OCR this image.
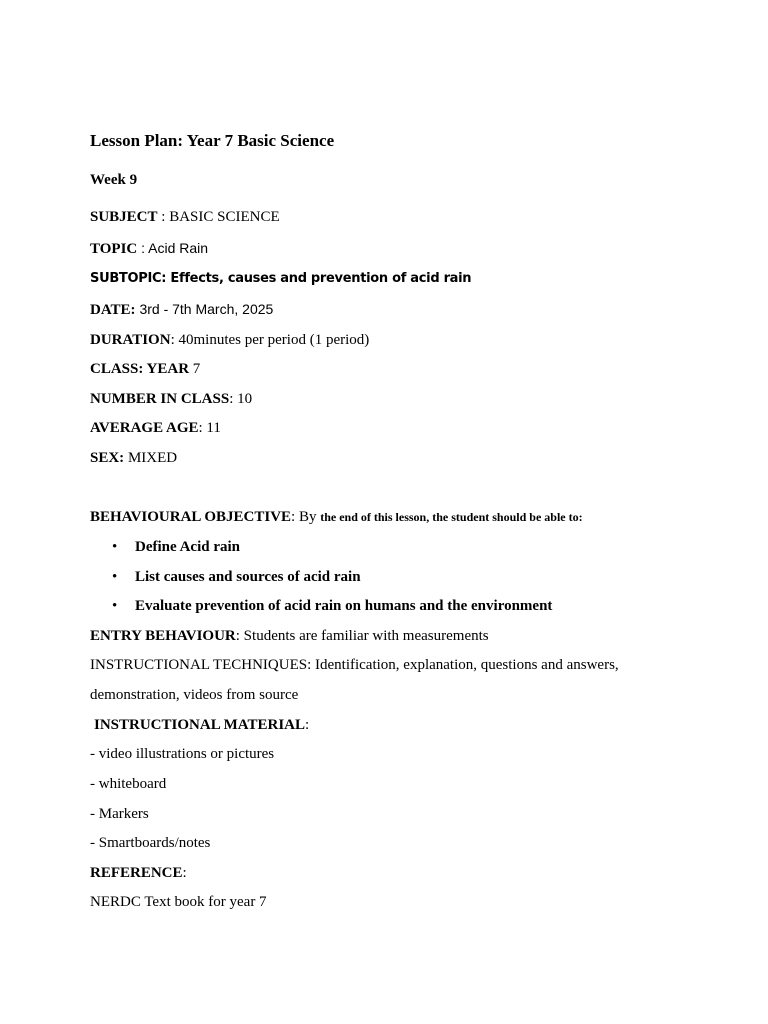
Lesson Plan: Year 7 Basic Science
Week 9
SUBJECT : BASIC SCIENCE
TOPIC : Acid Rain
SUBTOPIC: Effects, causes and prevention of acid rain
DATE: 3rd - 7th March, 2025
DURATION: 40minutes per period (1 period)
CLASS: YEAR 7
NUMBER IN CLASS: 10
AVERAGE AGE: 11
SEX: MIXED
BEHAVIOURAL OBJECTIVE: By the end of this lesson, the student should be able to:
• Define Acid rain
• List causes and sources of acid rain
• Evaluate prevention of acid rain on humans and the environment
ENTRY BEHAVIOUR: Students are familiar with measurements
INSTRUCTIONAL TECHNIQUES: Identification, explanation, questions and answers,
demonstration, videos from source
INSTRUCTIONAL MATERIAL:
- video illustrations or pictures
- whiteboard
- Markers
- Smartboards/notes
REFERENCE:
NERDC Text book for year 7
